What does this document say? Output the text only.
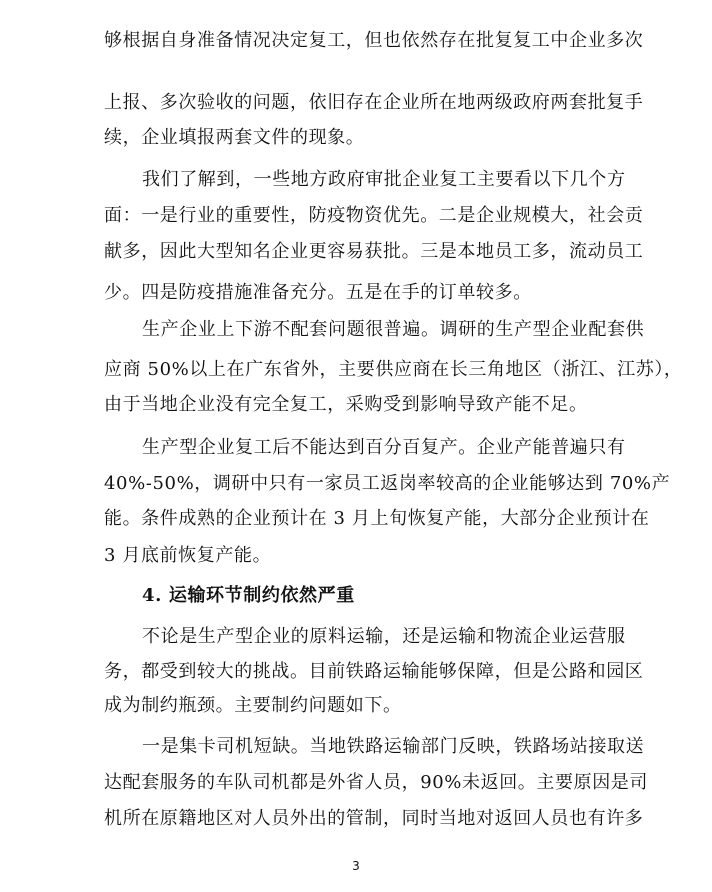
够根据自身准备情况决定复工，但也依然存在批复复工中企业多次
上报、多次验收的问题，依旧存在企业所在地两级政府两套批复手
续，企业填报两套文件的现象。
我们了解到，一些地方政府审批企业复工主要看以下几个方
面：一是行业的重要性，防疫物资优先。二是企业规模大，社会贡
献多，因此大型知名企业更容易获批。三是本地员工多，流动员工
少。四是防疫措施准备充分。五是在手的订单较多。
生产企业上下游不配套问题很普遍。调研的生产型企业配套供
应商 50%以上在广东省外，主要供应商在长三角地区（浙江、江苏），
由于当地企业没有完全复工，采购受到影响导致产能不足。
生产型企业复工后不能达到百分百复产。企业产能普遍只有
40%-50%，调研中只有一家员工返岗率较高的企业能够达到 70%产
能。条件成熟的企业预计在 3 月上旬恢复产能，大部分企业预计在
3 月底前恢复产能。
4. 运输环节制约依然严重
不论是生产型企业的原料运输，还是运输和物流企业运营服
务，都受到较大的挑战。目前铁路运输能够保障，但是公路和园区
成为制约瓶颈。主要制约问题如下。
一是集卡司机短缺。当地铁路运输部门反映，铁路场站接取送
达配套服务的车队司机都是外省人员，90%未返回。主要原因是司
机所在原籍地区对人员外出的管制，同时当地对返回人员也有许多
3
